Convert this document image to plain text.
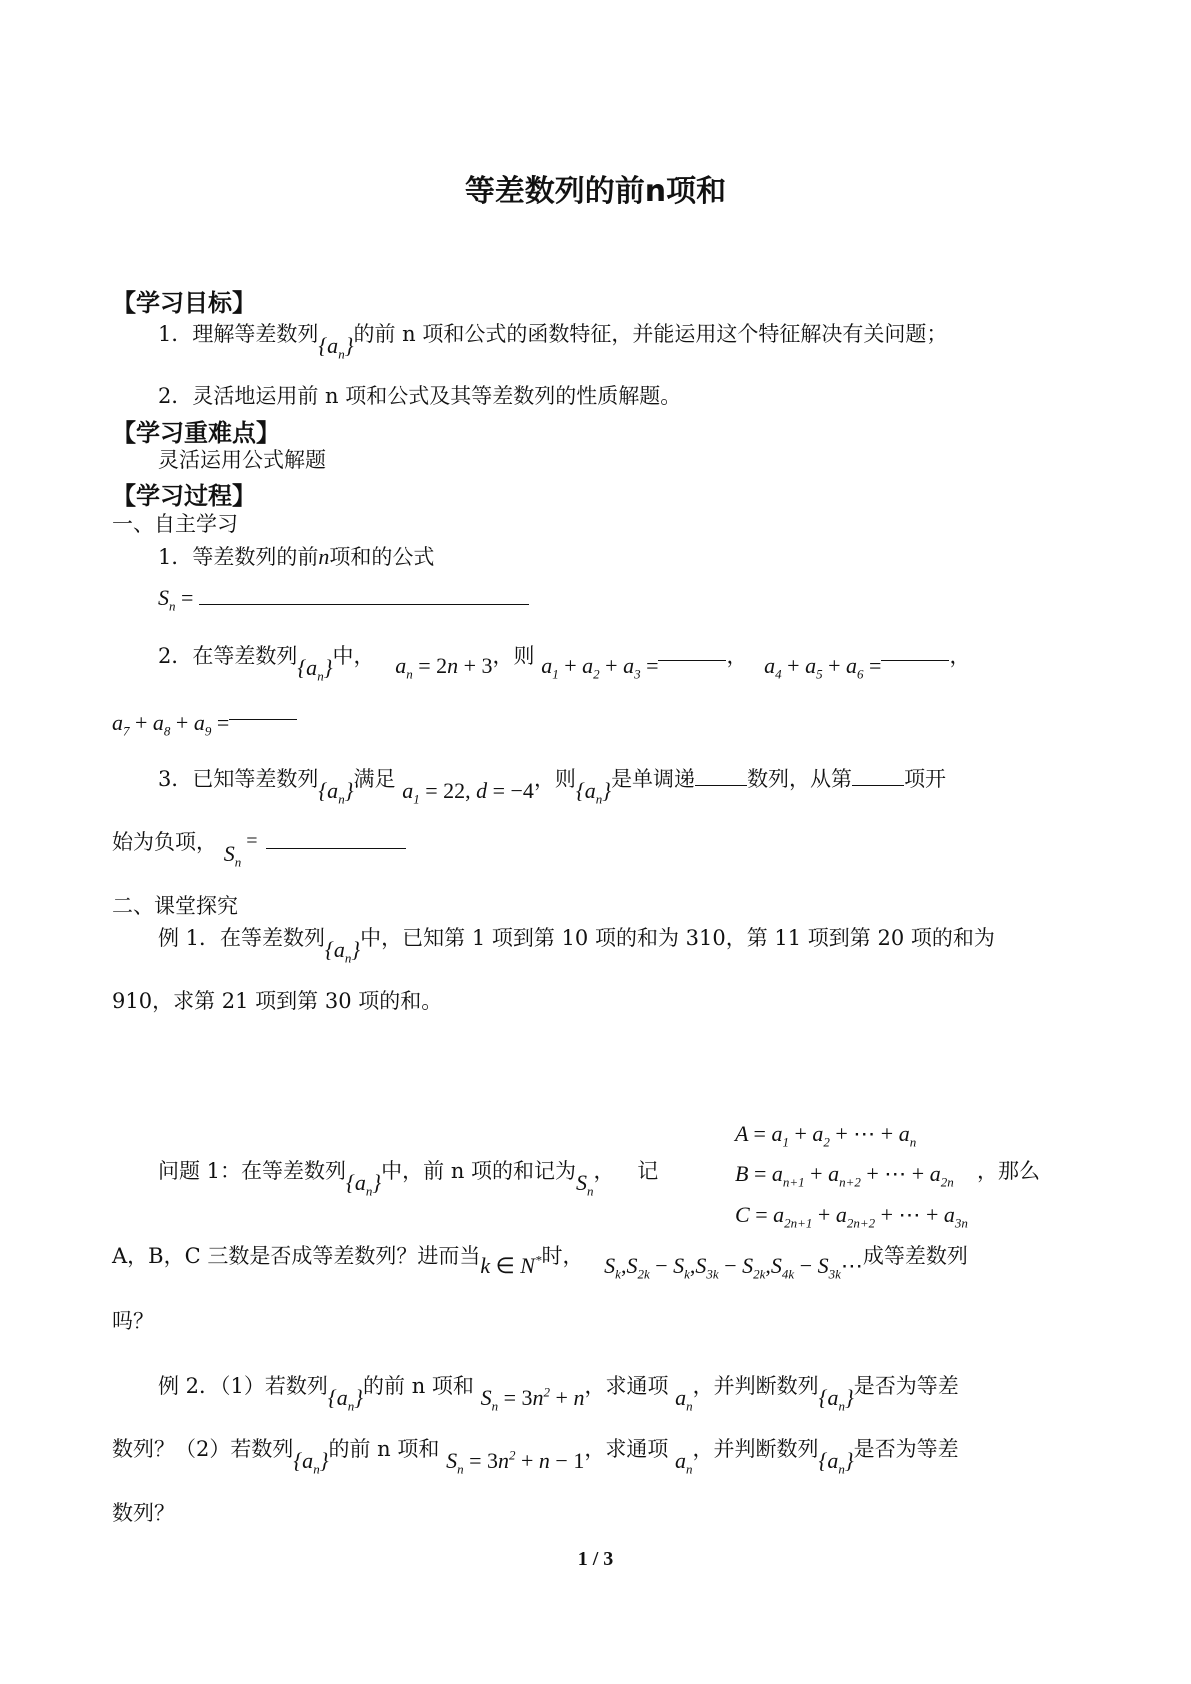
等差数列的前n项和
【学习目标】
1．理解等差数列$\{a_n\}$的前 n 项和公式的函数特征，并能运用这个特征解决有关问题；
2．灵活地运用前 n 项和公式及其等差数列的性质解题。
【学习重难点】
灵活运用公式解题
【学习过程】
一、自主学习
1．等差数列的前n项和的公式
$S_n$ =
2．在等差数列$\{a_n\}$中， $a_n = 2n + 3$，则 $a_1 + a_2 + a_3$ =	， $a_4 + a_5 + a_6$ =	，
$a_7 + a_8 + a_9$ =
3．已知等差数列$\{a_n\}$满足 $a_1 = 22$, d = −4，则$\{a_n\}$是单调递 数列，从第 项开
始为负项， $S_n$ =
二、课堂探究
例 1．在等差数列$\{a_n\}$中，已知第 1 项到第 10 项的和为 310，第 11 项到第 20 项的和为
910，求第 21 项到第 30 项的和。
问题 1：在等差数列$\{a_n\}$中，前 n 项的和记为$S_n$， 记
$A = a_1 + a_2$ + ⋯ + $a_n$
$B = a_{n+1} + a_{n+2}$ + ⋯ + $a_{2n}$
$C = a_{2n+1} + a_{2n+2}$ + ⋯ + $a_{3n}$
，那么
A，B，C 三数是否成等差数列？进而当k ∈ N*时， $S_k,S_{2k} - S_k,S_{3k} - S_{2k},S_{4k}$ − $S_{3k}\cdots$成等差数列
吗？
例 2．（1）若数列$\{a_n\}$的前 n 项和 $S_n = 3n^2 + n$，求通项 $a_n$，并判断数列$\{a_n\}$是否为等差
数列？（2）若数列$\{a_n\}$的前 n 项和 $S_n = 3n^2 + n - 1$，求通项 $a_n$，并判断数列$\{a_n\}$是否为等差
数列？
1 / 3
